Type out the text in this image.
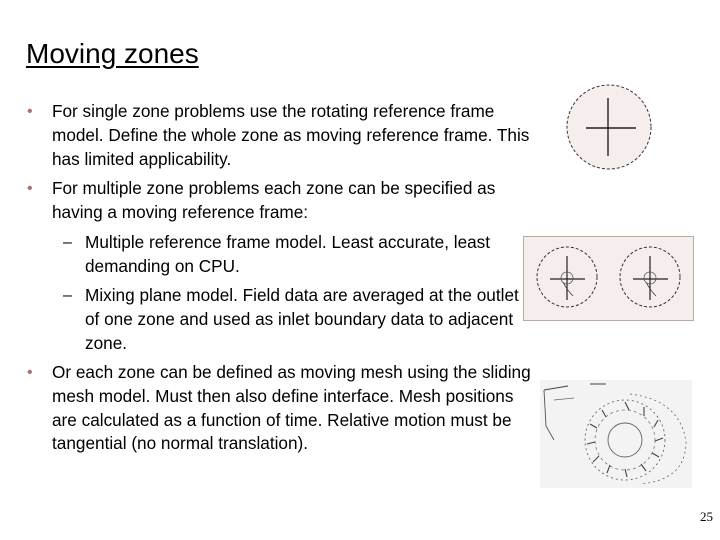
Moving zones
• For single zone problems use the rotating reference frame model. Define the whole zone as moving reference frame. This has limited applicability.
• For multiple zone problems each zone can be specified as having a moving reference frame:
– Multiple reference frame model. Least accurate, least demanding on CPU.
– Mixing plane model. Field data are averaged at the outlet of one zone and used as inlet boundary data to adjacent zone.
• Or each zone can be defined as moving mesh using the sliding mesh model. Must then also define interface. Mesh positions are calculated as a function of time. Relative motion must be tangential (no normal translation).
25
